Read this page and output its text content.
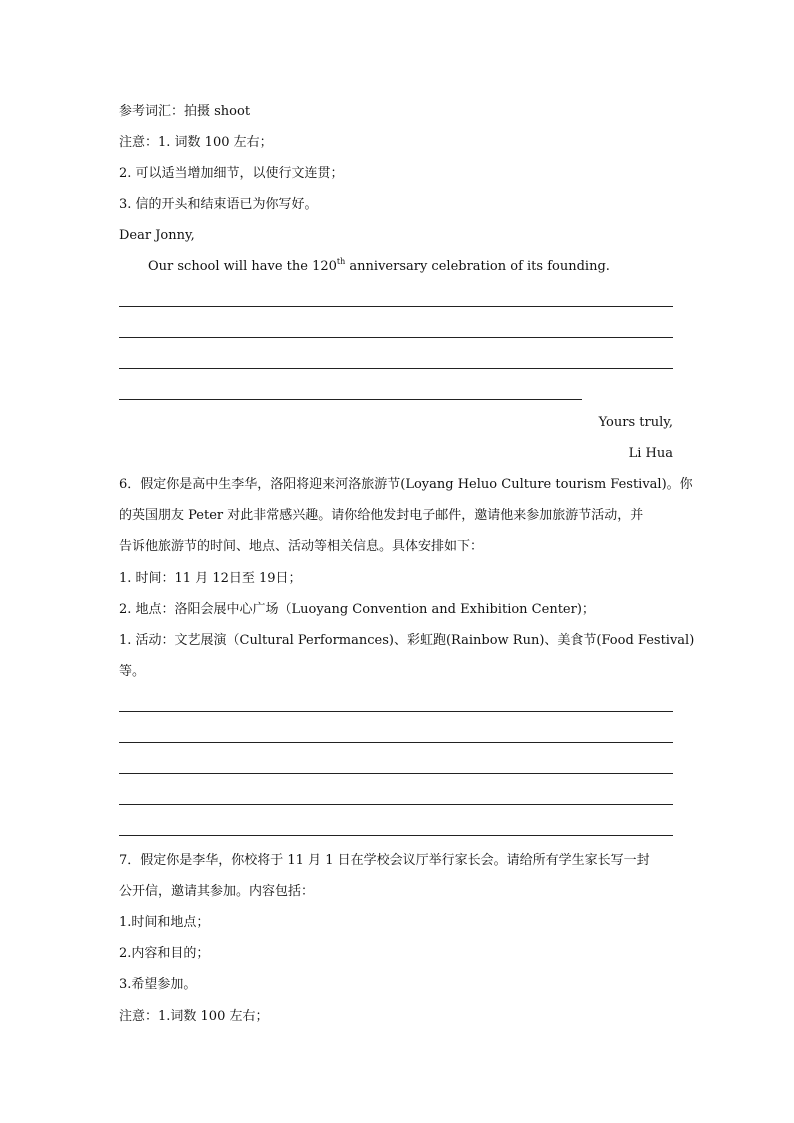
参考词汇：拍摄 shoot
注意：1. 词数 100 左右；
2. 可以适当增加细节，以使行文连贯；
3. 信的开头和结束语已为你写好。
Dear Jonny,
Our school will have the 120th anniversary celebration of its founding.
Yours truly,
Li Hua
6．假定你是高中生李华，洛阳将迎来河洛旅游节(Loyang Heluo Culture tourism Festival)。你
的英国朋友 Peter 对此非常感兴趣。请你给他发封电子邮件，邀请他来参加旅游节活动，并
告诉他旅游节的时间、地点、活动等相关信息。具体安排如下：
1. 时间：11 月 12日至 19日；
2. 地点：洛阳会展中心广场（Luoyang Convention and Exhibition Center)；
1. 活动：文艺展演（Cultural Performances)、彩虹跑(Rainbow Run)、美食节(Food Festival)
等。
7．假定你是李华，你校将于 11 月 1 日在学校会议厅举行家长会。请给所有学生家长写一封
公开信，邀请其参加。内容包括：
1.时间和地点；
2.内容和目的；
3.希望参加。
注意：1.词数 100 左右；
